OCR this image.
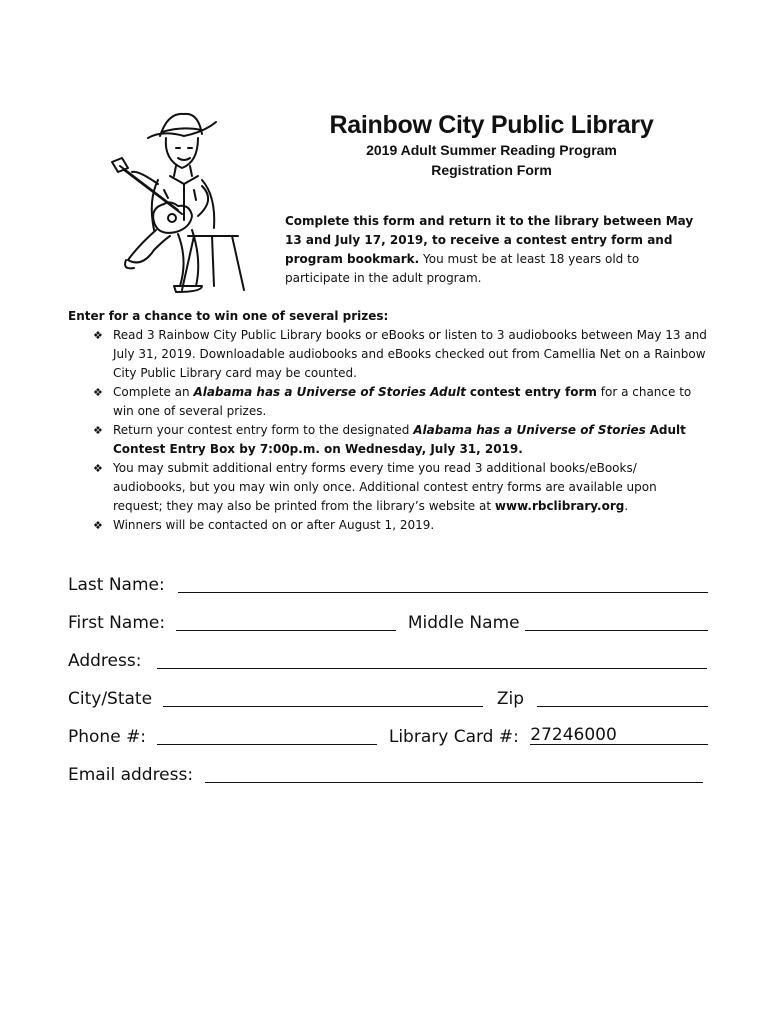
Rainbow City Public Library
2019 Adult Summer Reading Program
Registration Form
Complete this form and return it to the library between May 13 and July 17, 2019, to receive a contest entry form and program bookmark. You must be at least 18 years old to participate in the adult program.
Enter for a chance to win one of several prizes:
❖ Read 3 Rainbow City Public Library books or eBooks or listen to 3 audiobooks between May 13 and July 31, 2019. Downloadable audiobooks and eBooks checked out from Camellia Net on a Rainbow City Public Library card may be counted.
❖ Complete an Alabama has a Universe of Stories Adult contest entry form for a chance to win one of several prizes.
❖ Return your contest entry form to the designated Alabama has a Universe of Stories Adult Contest Entry Box by 7:00p.m. on Wednesday, July 31, 2019.
❖ You may submit additional entry forms every time you read 3 additional books/eBooks/ audiobooks, but you may win only once. Additional contest entry forms are available upon request; they may also be printed from the library’s website at www.rbclibrary.org.
❖ Winners will be contacted on or after August 1, 2019.
Last Name:
First Name:	Middle Name
Address:
City/State	Zip
Phone #:	Library Card #: 27246000
Email address:
